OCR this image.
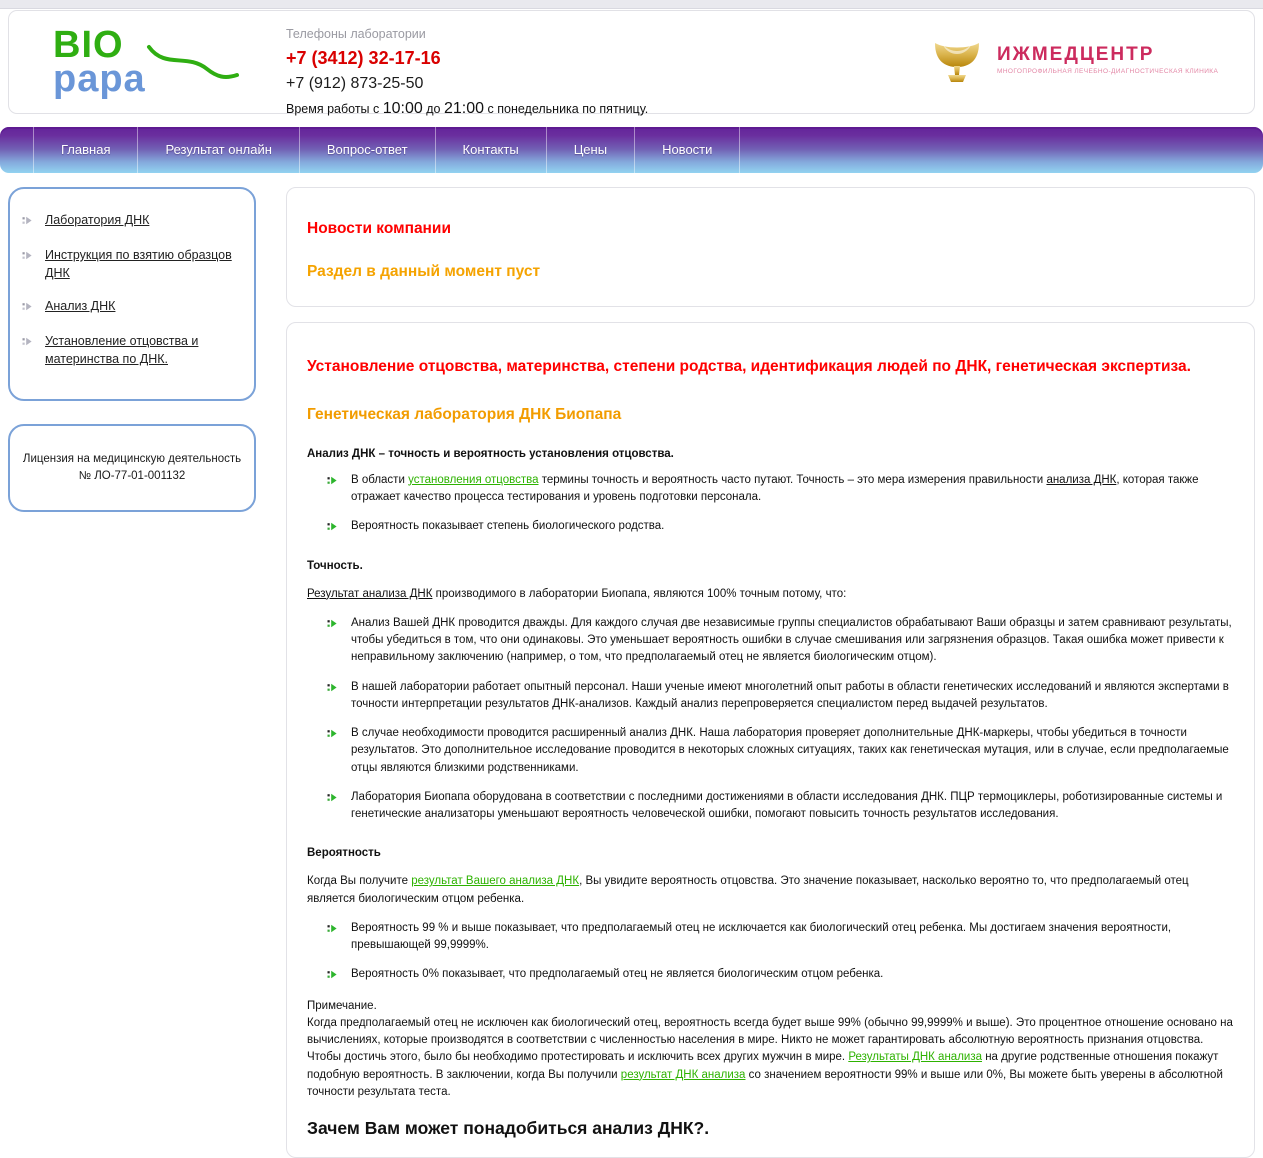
BIO
papa
Телефоны лаборатории
+7 (3412) 32-17-16
+7 (912) 873-25-50
Время работы с 10:00 до 21:00 с понедельника по пятницу.
ИЖМЕДЦЕНТР
МНОГОПРОФИЛЬНАЯ ЛЕЧЕБНО-ДИАГНОСТИЧЕСКАЯ КЛИНИКА
Главная	Результат онлайн	Вопрос-ответ	Контакты	Цены	Новости
Лаборатория ДНК
Инструкция по взятию образцов ДНК
Анализ ДНК
Установление отцовства и материнства по ДНК.
Лицензия на медицинскую деятельность
№ ЛО-77-01-001132
Новости компании
Раздел в данный момент пуст
Установление отцовства, материнства, степени родства, идентификация людей по ДНК, генетическая экспертиза.
Генетическая лаборатория ДНК Биопапа
Анализ ДНК – точность и вероятность установления отцовства.
В области установления отцовства термины точность и вероятность часто путают. Точность – это мера измерения правильности анализа ДНК, которая также отражает качество процесса тестирования и уровень подготовки персонала.
Вероятность показывает степень биологического родства.
Точность.

Результат анализа ДНК производимого в лаборатории Биопапа, являются 100% точным потому, что:

Анализ Вашей ДНК проводится дважды. Для каждого случая две независимые группы специалистов обрабатывают Ваши образцы и затем сравнивают результаты, чтобы убедиться в том, что они одинаковы. Это уменьшает вероятность ошибки в случае смешивания или загрязнения образцов. Такая ошибка может привести к неправильному заключению (например, о том, что предполагаемый отец не является биологическим отцом).
В нашей лаборатории работает опытный персонал. Наши ученые имеют многолетний опыт работы в области генетических исследований и являются экспертами в точности интерпретации результатов ДНК-анализов. Каждый анализ перепроверяется специалистом перед выдачей результатов.
В случае необходимости проводится расширенный анализ ДНК. Наша лаборатория проверяет дополнительные ДНК-маркеры, чтобы убедиться в точности результатов. Это дополнительное исследование проводится в некоторых сложных ситуациях, таких как генетическая мутация, или в случае, если предполагаемые отцы являются близкими родственниками.
Лаборатория Биопапа оборудована в соответствии с последними достижениями в области исследования ДНК. ПЦР термоциклеры, роботизированные системы и генетические анализаторы уменьшают вероятность человеческой ошибки, помогают повысить точность результатов исследования.
Вероятность

Когда Вы получите результат Вашего анализа ДНК, Вы увидите вероятность отцовства. Это значение показывает, насколько вероятно то, что предполагаемый отец является биологическим отцом ребенка.

Вероятность 99 % и выше показывает, что предполагаемый отец не исключается как биологический отец ребенка. Мы достигаем значения вероятности, превышающей 99,9999%.
Вероятность 0% показывает, что предполагаемый отец не является биологическим отцом ребенка.

Примечание.
Когда предполагаемый отец не исключен как биологический отец, вероятность всегда будет выше 99% (обычно 99,9999% и выше). Это процентное отношение основано на вычислениях, которые производятся в соответствии с численностью населения в мире. Никто не может гарантировать абсолютную вероятность признания отцовства. Чтобы достичь этого, было бы необходимо протестировать и исключить всех других мужчин в мире. Результаты ДНК анализа на другие родственные отношения покажут подобную вероятность. В заключении, когда Вы получили результат ДНК анализа со значением вероятности 99% и выше или 0%, Вы можете быть уверены в абсолютной точности результата теста.

Зачем Вам может понадобиться анализ ДНК?.
